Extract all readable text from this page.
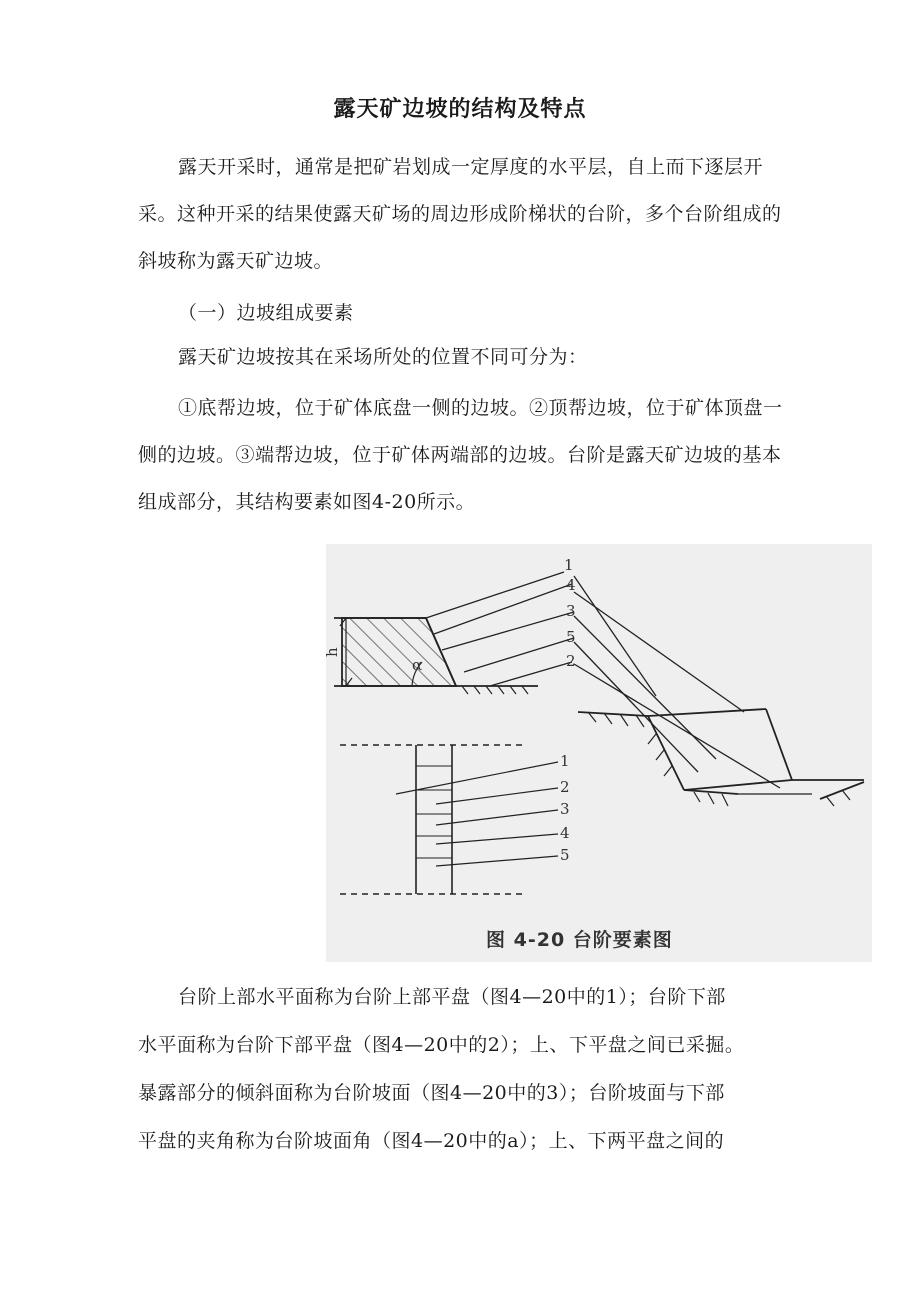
露天矿边坡的结构及特点

露天开采时，通常是把矿岩划成一定厚度的水平层，自上而下逐层开采。这种开采的结果使露天矿场的周边形成阶梯状的台阶，多个台阶组成的斜坡称为露天矿边坡。

（一）边坡组成要素

露天矿边坡按其在采场所处的位置不同可分为：

①底帮边坡，位于矿体底盘一侧的边坡。②顶帮边坡，位于矿体顶盘一侧的边坡。③端帮边坡，位于矿体两端部的边坡。台阶是露天矿边坡的基本组成部分，其结构要素如图4-20所示。

h
α
1
4
3
5
2
1
2
3
4
5
图 4-20 台阶要素图
台阶上部水平面称为台阶上部平盘（图4—20中的1）；台阶下部
水平面称为台阶下部平盘（图4—20中的2）；上、下平盘之间已采掘。
暴露部分的倾斜面称为台阶坡面（图4—20中的3）；台阶坡面与下部
平盘的夹角称为台阶坡面角（图4—20中的a）；上、下两平盘之间的
